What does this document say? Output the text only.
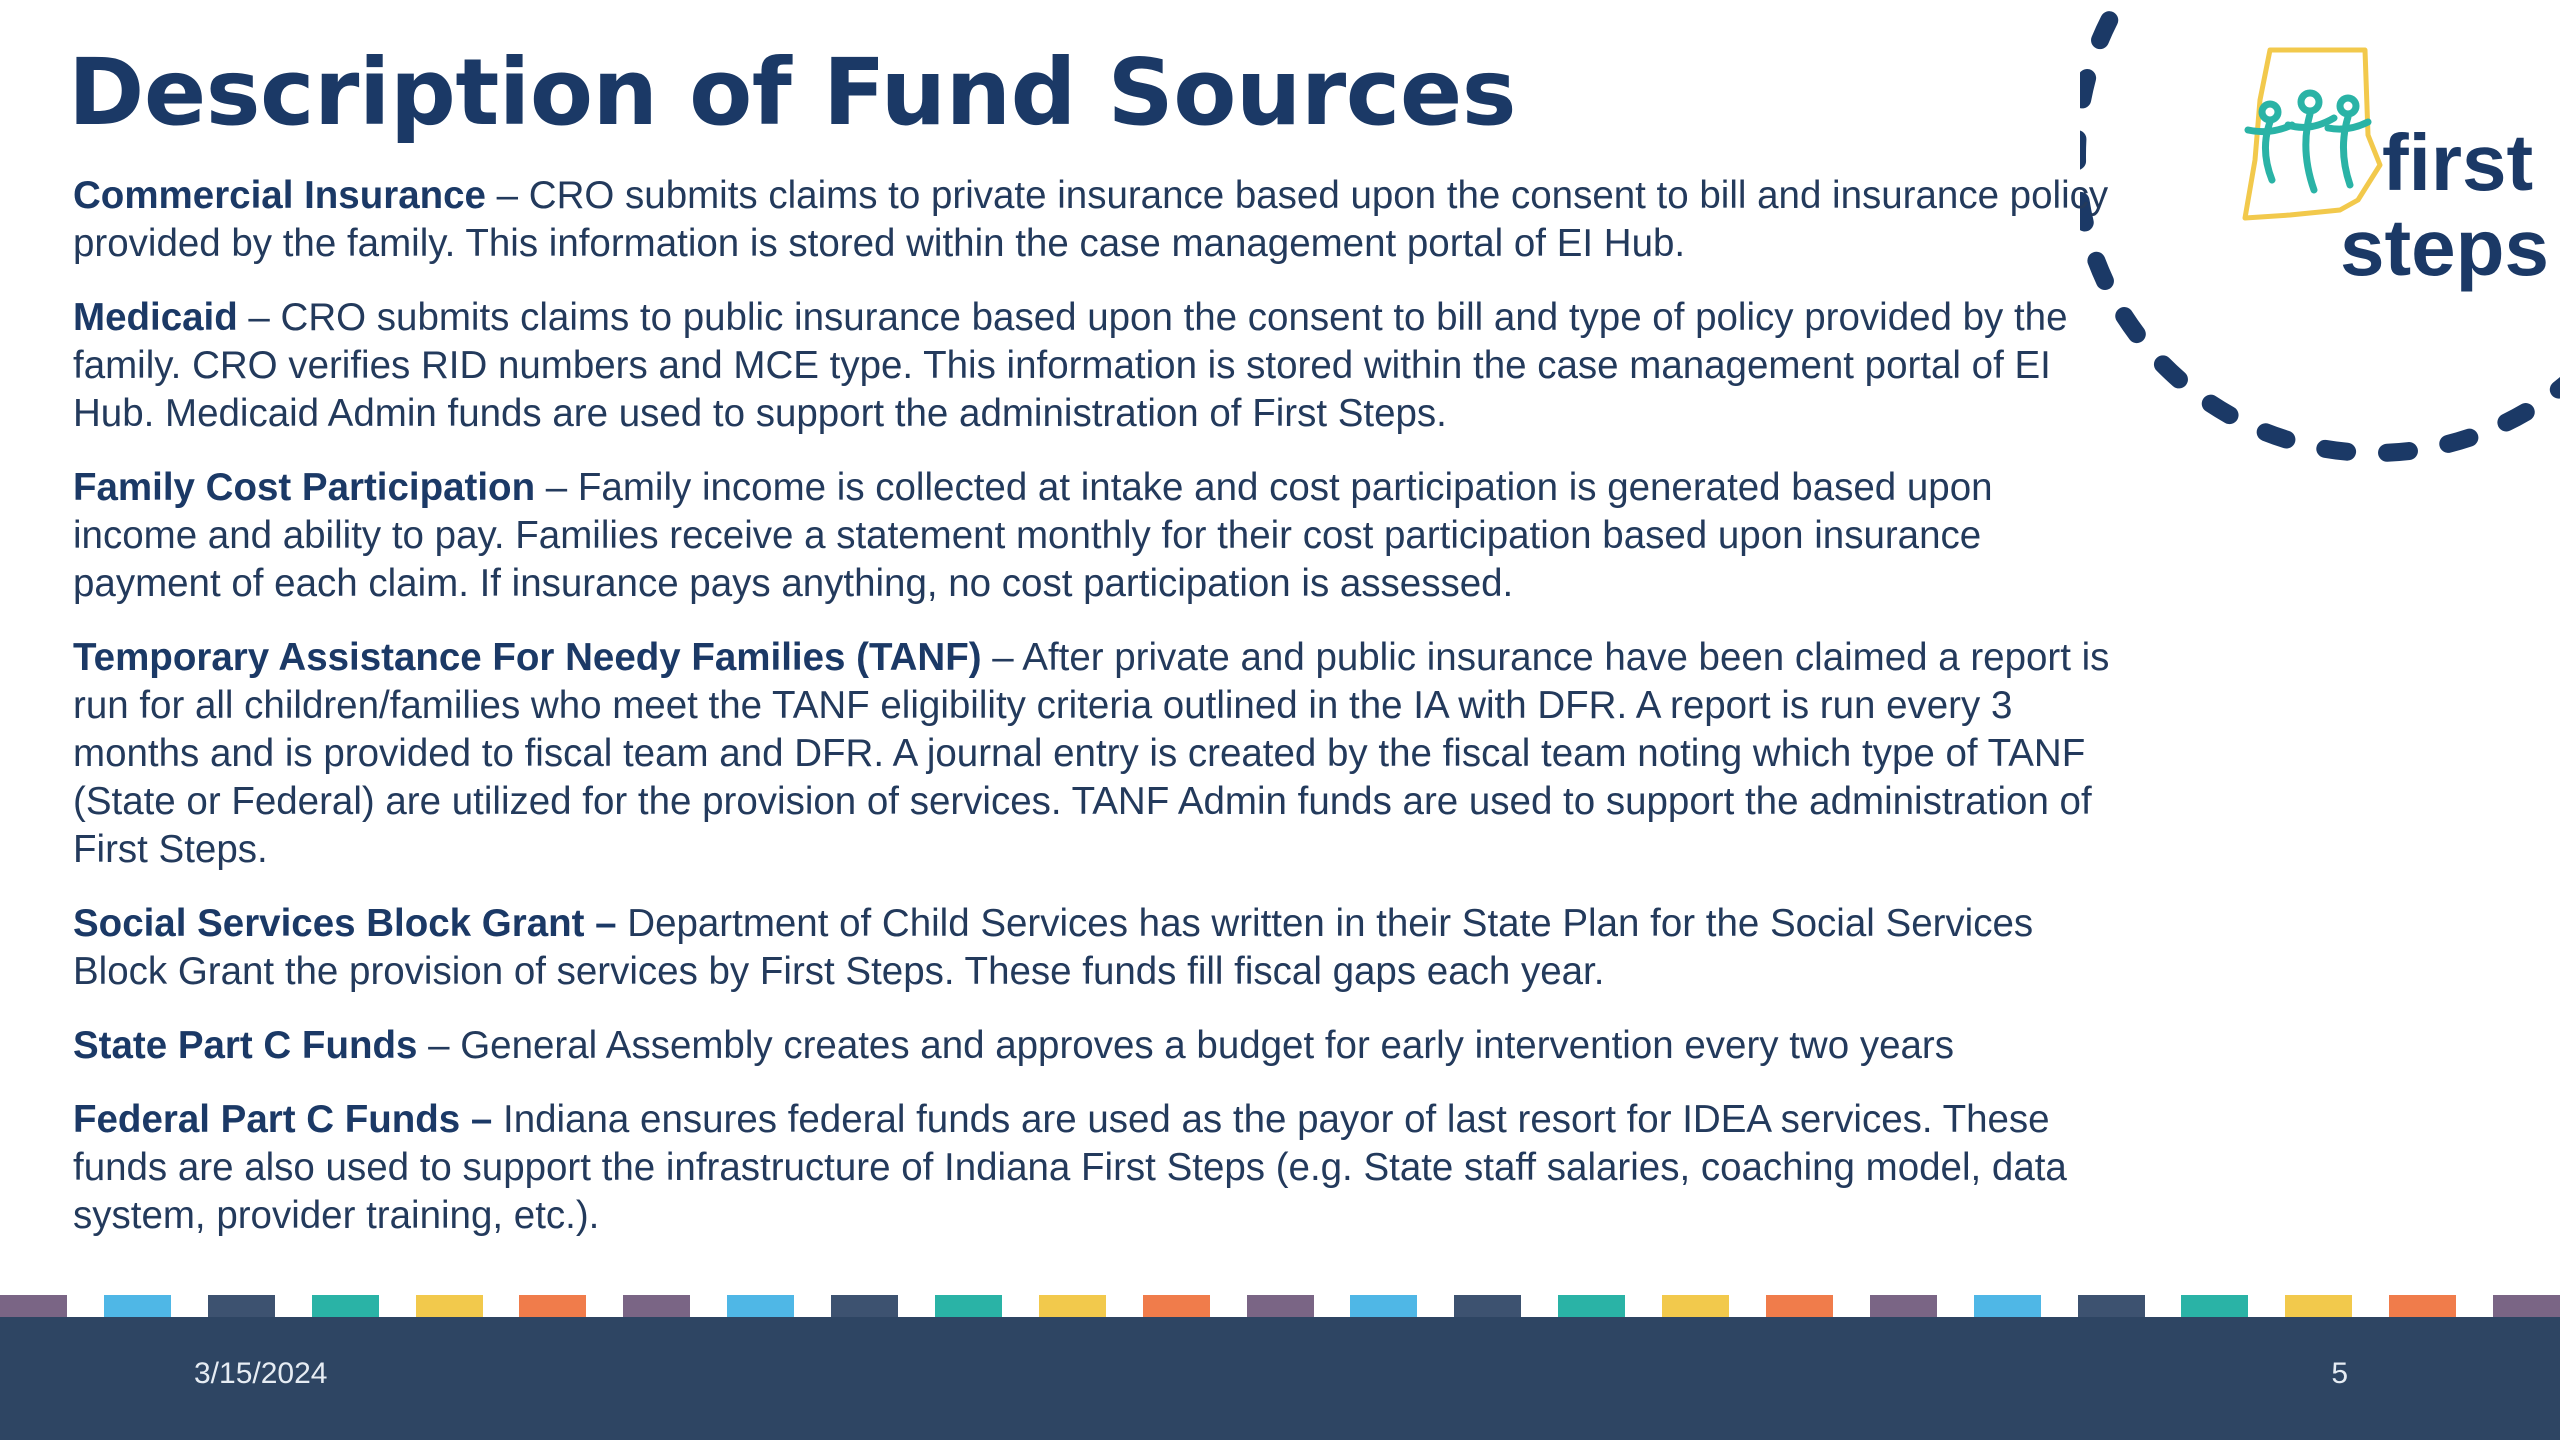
Description of Fund Sources
first
steps

Commercial Insurance – CRO submits claims to private insurance based upon the consent to bill and insurance policy provided by the family. This information is stored within the case management portal of EI Hub.

Medicaid – CRO submits claims to public insurance based upon the consent to bill and type of policy provided by the family. CRO verifies RID numbers and MCE type. This information is stored within the case management portal of EI Hub. Medicaid Admin funds are used to support the administration of First Steps.

Family Cost Participation – Family income is collected at intake and cost participation is generated based upon income and ability to pay. Families receive a statement monthly for their cost participation based upon insurance payment of each claim. If insurance pays anything, no cost participation is assessed.

Temporary Assistance For Needy Families (TANF) – After private and public insurance have been claimed a report is run for all children/families who meet the TANF eligibility criteria outlined in the IA with DFR. A report is run every 3 months and is provided to fiscal team and DFR. A journal entry is created by the fiscal team noting which type of TANF (State or Federal) are utilized for the provision of services. TANF Admin funds are used to support the administration of First Steps.

Social Services Block Grant – Department of Child Services has written in their State Plan for the Social Services Block Grant the provision of services by First Steps. These funds fill fiscal gaps each year.

State Part C Funds – General Assembly creates and approves a budget for early intervention every two years

Federal Part C Funds – Indiana ensures federal funds are used as the payor of last resort for IDEA services. These funds are also used to support the infrastructure of Indiana First Steps (e.g. State staff salaries, coaching model, data system, provider training, etc.).

3/15/2024	5
